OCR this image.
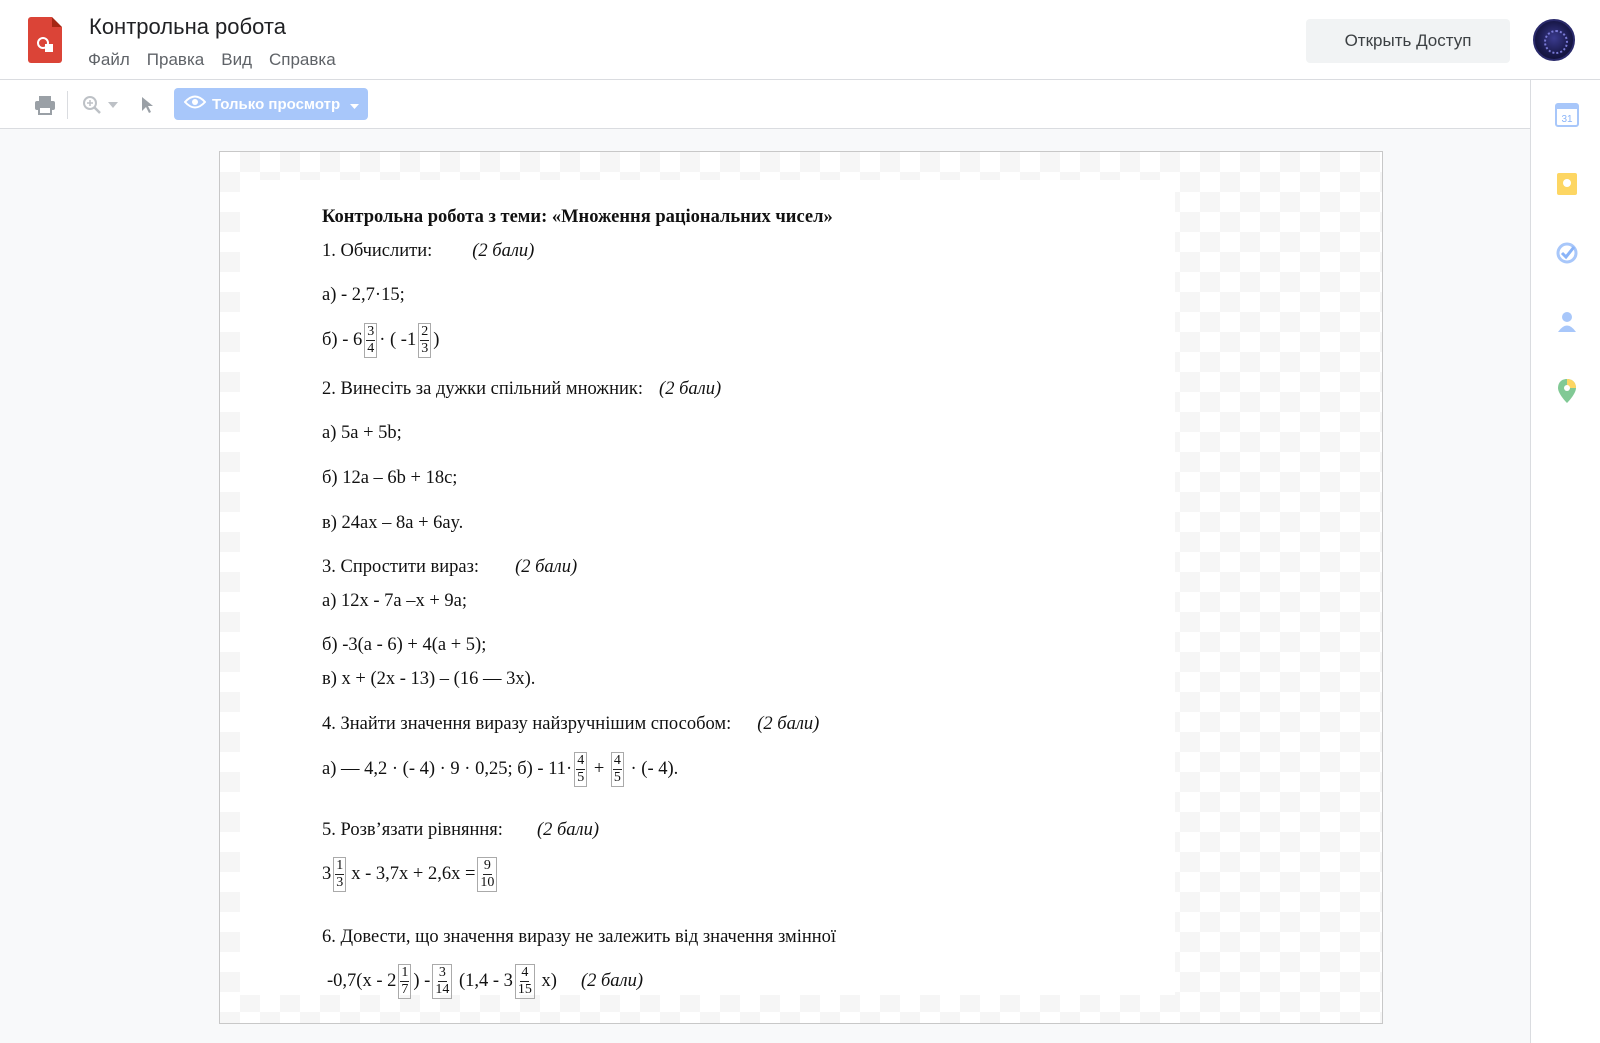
Контрольна робота
Файл Правка Вид Справка
Открыть Доступ
Только просмотр
31
Контрольна робота з теми: «Множення раціональних чисел»
1. Обчислити: (2 бали)
а) - 2,7·15;
$б) - 6 \frac{3}{4}$ · ( $-1 \frac{2}{3}$ )
2. Винесіть за дужки спільний множник: (2 бали)
а) 5а + 5b;
б) 12а – 6b + 18с;
в) 24ах – 8а + 6аy.
3. Спростити вираз: (2 бали)
а) 12х - 7а –х + 9а;
б) -3(а - 6) + 4(а + 5);
в) х + (2х - 13) – (16 — 3х).
4. Знайти значення виразу найзручнішим способом: (2 бали)
а) — 4,2 · (- 4) · 9 · 0,25; $б) - 11\cdot \frac{4}{5} + \frac{4}{5}$ · (- 4).
5. Розв’язати рівняння: (2 бали)
$3 \frac{1}{3}$ $х - 3,7х + 2,6х = \frac{9}{10}$
6. Довести, що значення виразу не залежить від значення змінної
$-0,7(х - 2 \frac{1}{7}$ ) - $\frac{3}{14} (1,4 - 3 \frac{4}{15} х)$ (2 бали)
